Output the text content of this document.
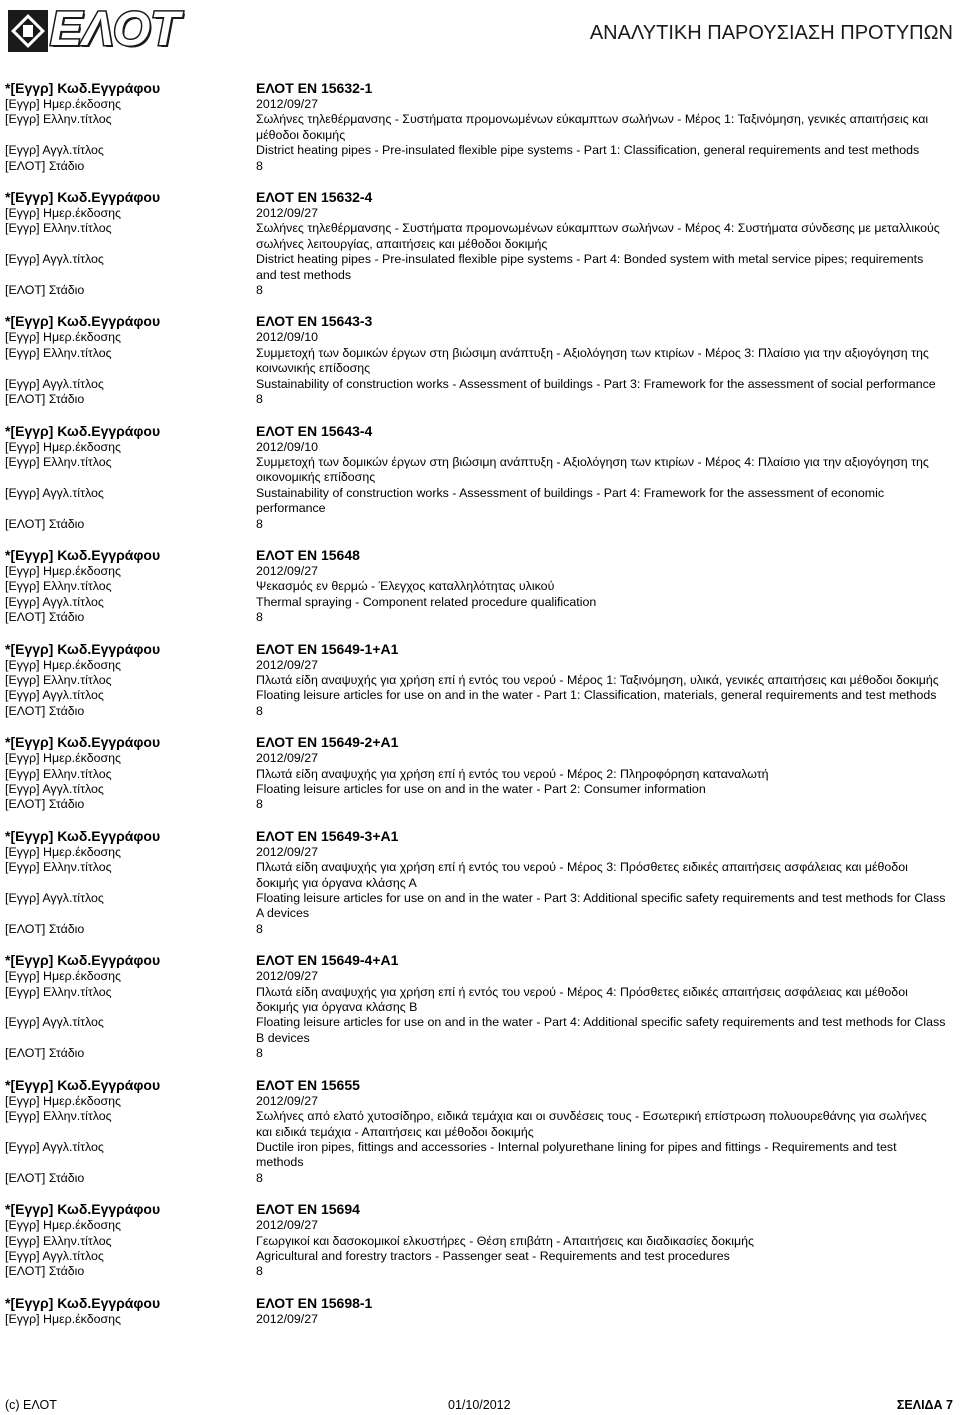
ΕΛΟΤ	ΑΝΑΛΥΤΙΚΗ ΠΑΡΟΥΣΙΑΣΗ ΠΡΟΤΥΠΩΝ
*[Εγγρ] Κωδ.Εγγράφου	ΕΛΟΤ EN 15632-1
[Εγγρ] Ημερ.έκδοσης	2012/09/27
[Εγγρ] Ελλην.τίτλος	Σωλήνες τηλεθέρμανσης - Συστήματα προμονωμένων εύκαμπτων σωλήνων - Μέρος 1: Ταξινόμηση, γενικές απαιτήσεις και μέθοδοι δοκιμής
[Εγγρ] Αγγλ.τίτλος	District heating pipes - Pre-insulated flexible pipe systems - Part 1: Classification, general requirements and test methods
[ΕΛΟΤ] Στάδιο	8
*[Εγγρ] Κωδ.Εγγράφου	ΕΛΟΤ EN 15632-4
[Εγγρ] Ημερ.έκδοσης	2012/09/27
[Εγγρ] Ελλην.τίτλος	Σωλήνες τηλεθέρμανσης - Συστήματα προμονωμένων εύκαμπτων σωλήνων - Μέρος 4: Συστήματα σύνδεσης με μεταλλικούς σωλήνες λειτουργίας, απαιτήσεις και μέθοδοι δοκιμής
[Εγγρ] Αγγλ.τίτλος	District heating pipes - Pre-insulated flexible pipe systems - Part 4: Bonded system with metal service pipes; requirements and test methods
[ΕΛΟΤ] Στάδιο	8
*[Εγγρ] Κωδ.Εγγράφου	ΕΛΟΤ EN 15643-3
[Εγγρ] Ημερ.έκδοσης	2012/09/10
[Εγγρ] Ελλην.τίτλος	Συμμετοχή των δομικών έργων στη βιώσιμη ανάπτυξη - Αξιολόγηση των κτιρίων - Μέρος 3: Πλαίσιο για την αξιογόγηση της κοινωνικής επίδοσης
[Εγγρ] Αγγλ.τίτλος	Sustainability of construction works - Assessment of buildings - Part 3: Framework for the assessment of social performance
[ΕΛΟΤ] Στάδιο	8
*[Εγγρ] Κωδ.Εγγράφου	ΕΛΟΤ EN 15643-4
[Εγγρ] Ημερ.έκδοσης	2012/09/10
[Εγγρ] Ελλην.τίτλος	Συμμετοχή των δομικών έργων στη βιώσιμη ανάπτυξη - Αξιολόγηση των κτιρίων - Μέρος 4: Πλαίσιο για την αξιογόγηση της οικονομικής επίδοσης
[Εγγρ] Αγγλ.τίτλος	Sustainability of construction works - Assessment of buildings - Part 4: Framework for the assessment of economic performance
[ΕΛΟΤ] Στάδιο	8
*[Εγγρ] Κωδ.Εγγράφου	ΕΛΟΤ EN 15648
[Εγγρ] Ημερ.έκδοσης	2012/09/27
[Εγγρ] Ελλην.τίτλος	Ψεκασμός εν θερμώ - Έλεγχος καταλληλότητας υλικού
[Εγγρ] Αγγλ.τίτλος	Thermal spraying - Component related procedure qualification
[ΕΛΟΤ] Στάδιο	8
*[Εγγρ] Κωδ.Εγγράφου	ΕΛΟΤ EN 15649-1+A1
[Εγγρ] Ημερ.έκδοσης	2012/09/27
[Εγγρ] Ελλην.τίτλος	Πλωτά είδη αναψυχής για χρήση επί ή εντός του νερού - Μέρος 1: Ταξινόμηση, υλικά, γενικές απαιτήσεις και μέθοδοι δοκιμής
[Εγγρ] Αγγλ.τίτλος	Floating leisure articles for use on and in the water - Part 1: Classification, materials, general requirements and test methods
[ΕΛΟΤ] Στάδιο	8
*[Εγγρ] Κωδ.Εγγράφου	ΕΛΟΤ EN 15649-2+A1
[Εγγρ] Ημερ.έκδοσης	2012/09/27
[Εγγρ] Ελλην.τίτλος	Πλωτά είδη αναψυχής για χρήση επί ή εντός του νερού - Μέρος 2: Πληροφόρηση καταναλωτή
[Εγγρ] Αγγλ.τίτλος	Floating leisure articles for use on and in the water - Part 2: Consumer information
[ΕΛΟΤ] Στάδιο	8
*[Εγγρ] Κωδ.Εγγράφου	ΕΛΟΤ EN 15649-3+A1
[Εγγρ] Ημερ.έκδοσης	2012/09/27
[Εγγρ] Ελλην.τίτλος	Πλωτά είδη αναψυχής για χρήση επί ή εντός του νερού - Μέρος 3: Πρόσθετες ειδικές απαιτήσεις ασφάλειας και μέθοδοι δοκιμής για όργανα κλάσης Α
[Εγγρ] Αγγλ.τίτλος	Floating leisure articles for use on and in the water - Part 3: Additional specific safety requirements and test methods for Class A devices
[ΕΛΟΤ] Στάδιο	8
*[Εγγρ] Κωδ.Εγγράφου	ΕΛΟΤ EN 15649-4+A1
[Εγγρ] Ημερ.έκδοσης	2012/09/27
[Εγγρ] Ελλην.τίτλος	Πλωτά είδη αναψυχής για χρήση επί ή εντός του νερού - Μέρος 4: Πρόσθετες ειδικές απαιτήσεις ασφάλειας και μέθοδοι δοκιμής για όργανα κλάσης Β
[Εγγρ] Αγγλ.τίτλος	Floating leisure articles for use on and in the water - Part 4: Additional specific safety requirements and test methods for Class B devices
[ΕΛΟΤ] Στάδιο	8
*[Εγγρ] Κωδ.Εγγράφου	ΕΛΟΤ EN 15655
[Εγγρ] Ημερ.έκδοσης	2012/09/27
[Εγγρ] Ελλην.τίτλος	Σωλήνες από ελατό χυτοσίδηρο, ειδικά τεμάχια και οι συνδέσεις τους - Εσωτερική επίστρωση πολυουρεθάνης για σωλήνες και ειδικά τεμάχια - Απαιτήσεις και μέθοδοι δοκιμής
[Εγγρ] Αγγλ.τίτλος	Ductile iron pipes, fittings and accessories - Internal polyurethane lining for pipes and fittings - Requirements and test methods
[ΕΛΟΤ] Στάδιο	8
*[Εγγρ] Κωδ.Εγγράφου	ΕΛΟΤ EN 15694
[Εγγρ] Ημερ.έκδοσης	2012/09/27
[Εγγρ] Ελλην.τίτλος	Γεωργικοί και δασοκομικοί ελκυστήρες - Θέση επιβάτη - Απαιτήσεις και διαδικασίες δοκιμής
[Εγγρ] Αγγλ.τίτλος	Agricultural and forestry tractors - Passenger seat - Requirements and test procedures
[ΕΛΟΤ] Στάδιο	8
*[Εγγρ] Κωδ.Εγγράφου	ΕΛΟΤ EN 15698-1
[Εγγρ] Ημερ.έκδοσης	2012/09/27
(c) ΕΛΟΤ	01/10/2012	ΣΕΛΙΔΑ 7
